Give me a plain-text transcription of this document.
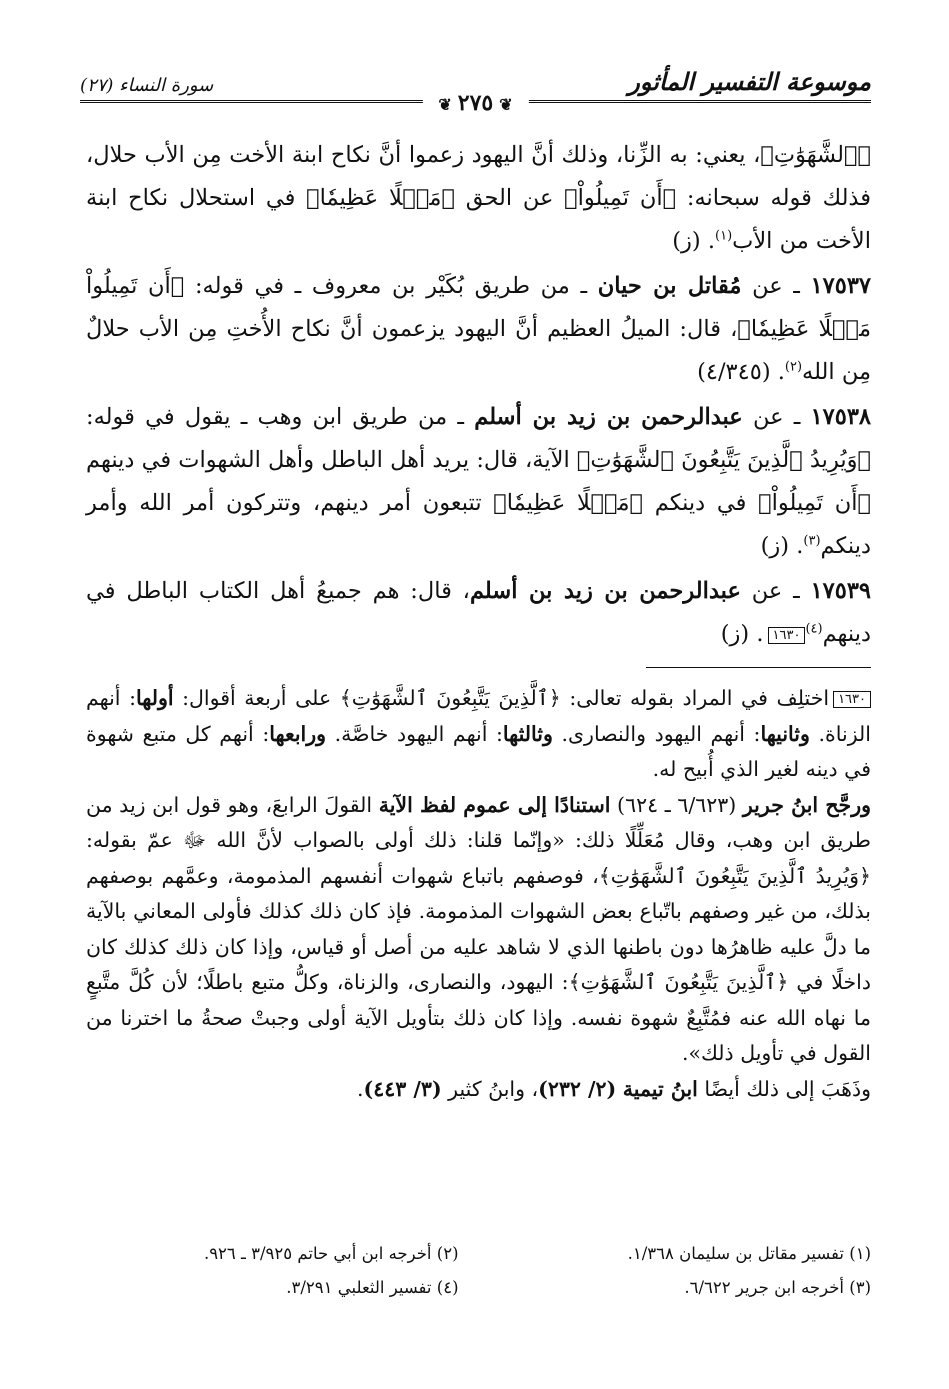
موسوعة التفسير المأثور
❦٢٧٥❦
سورة النساء (٢٧)

﴿ٱلشَّهَوَٰتِ﴾، يعني: به الزِّنا، وذلك أنَّ اليهود زعموا أنَّ نكاح ابنة الأخت مِن الأب حلال، فذلك قوله سبحانه: ﴿أَن تَمِيلُواْ﴾ عن الحق ﴿مَيۡلًا عَظِيمٗا﴾ في استحلال نكاح ابنة الأخت من الأب$^{(١)}$. (ز)

١٧٥٣٧ ـ عن مُقاتل بن حيان ـ من طريق بُكَيْر بن معروف ـ في قوله: ﴿أَن تَمِيلُواْ مَيۡلًا عَظِيمٗا﴾، قال: الميلُ العظيم أنَّ اليهود يزعمون أنَّ نكاح الأُختِ مِن الأب حلالٌ مِن الله$^{(٢)}$. (٤/٣٤٥)

١٧٥٣٨ ـ عن عبدالرحمن بن زيد بن أسلم ـ من طريق ابن وهب ـ يقول في قوله: ﴿وَيُرِيدُ ٱلَّذِينَ يَتَّبِعُونَ ٱلشَّهَوَٰتِ﴾ الآية، قال: يريد أهل الباطل وأهل الشهوات في دينهم ﴿أَن تَمِيلُواْ﴾ في دينكم ﴿مَيۡلًا عَظِيمٗا﴾ تتبعون أمر دينهم، وتتركون أمر الله وأمر دينكم$^{(٣)}$. (ز)

١٧٥٣٩ ـ عن عبدالرحمن بن زيد بن أسلم، قال: هم جميعُ أهل الكتاب الباطل في دينهم$^{(٤)}$١٦٣٠. (ز)

١٦٣٠اختلِف في المراد بقوله تعالى: ﴿ٱلَّذِينَ يَتَّبِعُونَ ٱلشَّهَوَٰتِ﴾ على أربعة أقوال: أولها: أنهم الزناة. وثانيها: أنهم اليهود والنصارى. وثالثها: أنهم اليهود خاصَّة. ورابعها: أنهم كل متبع شهوة في دينه لغير الذي أُبيح له.

ورجَّح ابنُ جرير (٦/٦٢٣ ـ ٦٢٤) استنادًا إلى عموم لفظ الآية القولَ الرابعَ، وهو قول ابن زيد من طريق ابن وهب، وقال مُعَلِّلًا ذلك: «وإنّما قلنا: ذلك أولى بالصواب لأنَّ الله ﷻ عمّ بقوله: ﴿وَيُرِيدُ ٱلَّذِينَ يَتَّبِعُونَ ٱلشَّهَوَٰتِ﴾، فوصفهم باتباع شهوات أنفسهم المذمومة، وعمَّهم بوصفهم بذلك، من غير وصفهم باتّباع بعض الشهوات المذمومة. فإذ كان ذلك كذلك فأولى المعاني بالآية ما دلَّ عليه ظاهرُها دون باطنها الذي لا شاهد عليه من أصل أو قياس، وإذا كان ذلك كذلك كان داخلًا في ﴿ٱلَّذِينَ يَتَّبِعُونَ ٱلشَّهَوَٰتِ﴾: اليهود، والنصارى، والزناة، وكلُّ متبع باطلًا؛ لأن كُلَّ متَّبعٍ ما نهاه الله عنه فمُتَّبِعٌ شهوة نفسه. وإذا كان ذلك بتأويل الآية أولى وجبتْ صحةُ ما اخترنا من القول في تأويل ذلك».

وذَهَبَ إلى ذلك أيضًا ابنُ تيمية (٢/ ٢٣٢)، وابنُ كثير (٣/ ٤٤٣).

(١) تفسير مقاتل بن سليمان ١/٣٦٨.
(٢) أخرجه ابن أبي حاتم ٣/٩٢٥ ـ ٩٢٦.
(٣) أخرجه ابن جرير ٦/٦٢٢.
(٤) تفسير الثعلبي ٣/٢٩١.
